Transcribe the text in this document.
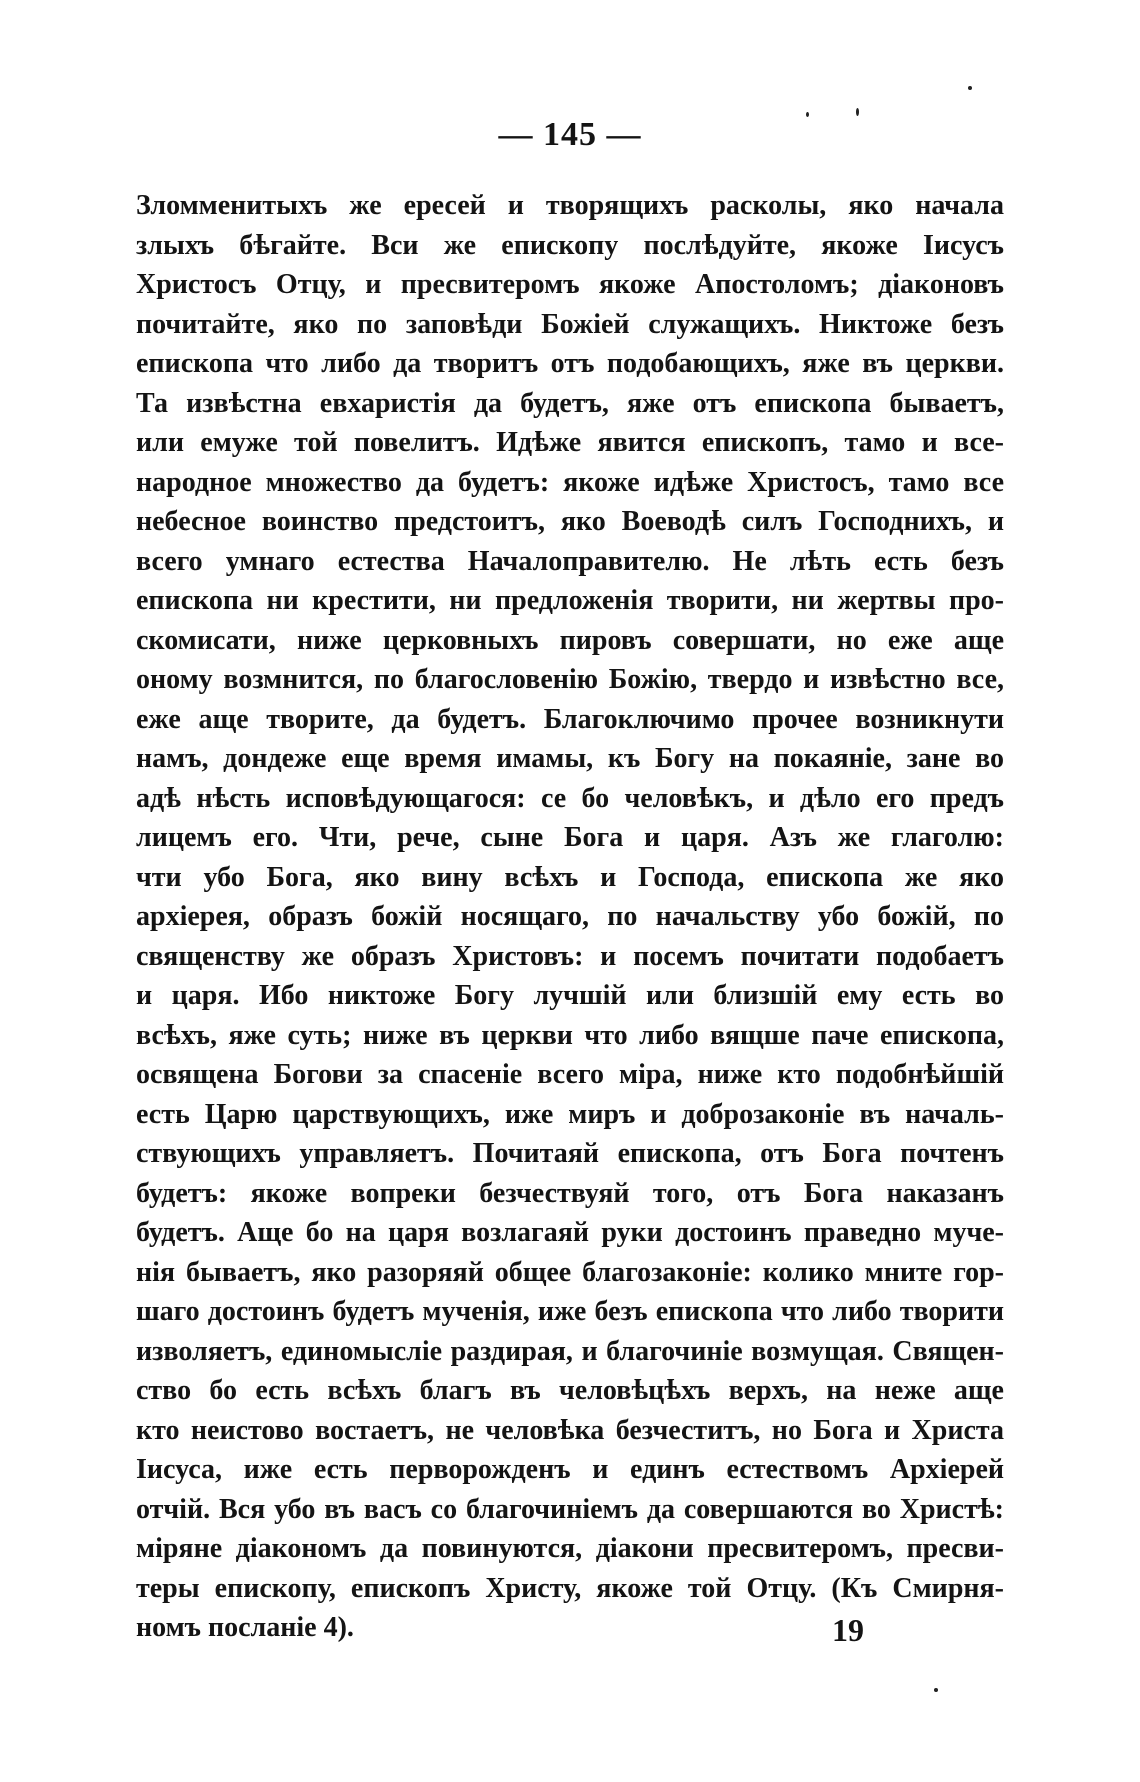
— 145 —
Зломменитыхъ же ересей и творящихъ расколы, яко начала
злыхъ бѣгайте. Вси же епископу послѣдуйте, якоже Іисусъ
Христосъ Отцу, и пресвитеромъ якоже Апостоломъ; діаконовъ
почитайте, яко по заповѣди Божіей служащихъ. Никтоже безъ
епископа что либо да творитъ отъ подобающихъ, яже въ церкви.
Та извѣстна евхаристія да будетъ, яже отъ епископа бываетъ,
или емуже той повелитъ. Идѣже явится епископъ, тамо и все-
народное множество да будетъ: якоже идѣже Христосъ, тамо все
небесное воинство предстоитъ, яко Воеводѣ силъ Господнихъ, и
всего умнаго естества Началоправителю. Не лѣть есть безъ
епископа ни крестити, ни предложенія творити, ни жертвы про-
скомисати, ниже церковныхъ пировъ совершати, но еже аще
оному возмнится, по благословенію Божію, твердо и извѣстно все,
еже аще творите, да будетъ. Благоключимо прочее возникнути
намъ, дондеже еще время имамы, къ Богу на покаяніе, зане во
адѣ нѣсть исповѣдующагося: се бо человѣкъ, и дѣло его предъ
лицемъ его. Чти, рече, сыне Бога и царя. Азъ же глаголю:
чти убо Бога, яко вину всѣхъ и Господа, епископа же яко
архіерея, образъ божій носящаго, по начальству убо божій, по
священству же образъ Христовъ: и посемъ почитати подобаетъ
и царя. Ибо никтоже Богу лучшій или близшій ему есть во
всѣхъ, яже суть; ниже въ церкви что либо вящше паче епископа,
освящена Богови за спасеніе всего міра, ниже кто подобнѣйшій
есть Царю царствующихъ, иже миръ и доброзаконіе въ началь-
ствующихъ управляетъ. Почитаяй епископа, отъ Бога почтенъ
будетъ: якоже вопреки безчествуяй того, отъ Бога наказанъ
будетъ. Аще бо на царя возлагаяй руки достоинъ праведно муче-
нія бываетъ, яко разоряяй общее благозаконіе: колико мните гор-
шаго достоинъ будетъ мученія, иже безъ епископа что либо творити
изволяетъ, единомысліе раздирая, и благочиніе возмущая. Священ-
ство бо есть всѣхъ благъ въ человѣцѣхъ верхъ, на неже аще
кто неистово востаетъ, не человѣка безчеститъ, но Бога и Христа
Іисуса, иже есть перворожденъ и единъ естествомъ Архіерей
отчій. Вся убо въ васъ со благочиніемъ да совершаются во Христѣ:
міряне діакономъ да повинуются, діакони пресвитеромъ, пресви-
теры епископу, епископъ Христу, якоже той Отцу. (Къ Смирня-
номъ посланіе 4).	19
